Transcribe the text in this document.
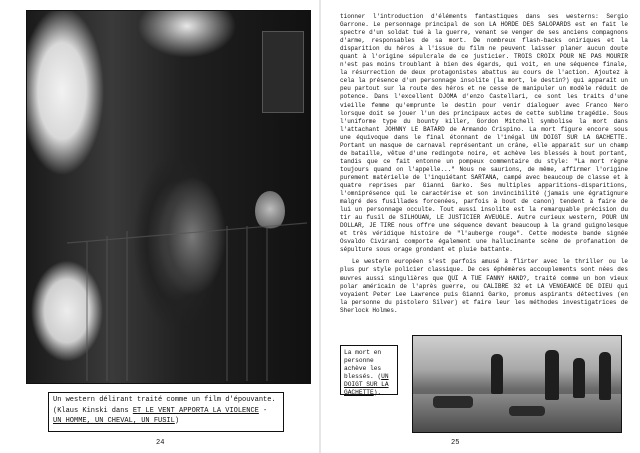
Un western délirant traité comme un film d'épouvante.
(Klaus Kinski dans ET LE VENT APPORTA LA VIOLENCE -
UN HOMME, UN CHEVAL, UN FUSIL)
24

tionner l'introduction d'éléments fantastiques dans ses westerns: Sergio Garrone. Le personnage principal de son LA HORDE DES SALOPARDS est en fait le spectre d'un soldat tué à la guerre, venant se venger de ses anciens compagnons d'arme, responsables de sa mort. De nombreux flash-backs oniriques et la disparition du héros à l'issue du film ne peuvent laisser planer aucun doute quant à l'origine sépulcrale de ce justicier. TROIS CROIX POUR NE PAS MOURIR n'est pas moins troublant à bien des égards, qui voit, en une séquence finale, la résurrection de deux protagonistes abattus au cours de l'action. Ajoutez à cela la présence d'un personnage insolite (la mort, le destin?) qui apparaît un peu partout sur la route des héros et ne cesse de manipuler un modèle réduit de potence. Dans l'excellent DJOMA d'enzo Castellari, ce sont les traits d'une vieille femme qu'emprunte le destin pour venir dialoguer avec Franco Nero lorsque doit se jouer l'un des principaux actes de cette sublime tragédie. Sous l'uniforme type du bounty killer, Gordon Mitchell symbolise la mort dans l'attachant JOHNNY LE BATARD de Armando Crispino. La mort figure encore sous une équivoque dans le final étonnant de l'inégal UN DOIGT SUR LA GACHETTE. Portant un masque de carnaval représentant un crâne, elle apparaît sur un champ de bataille, vêtue d'une redingote noire, et achève les blessés à bout portant, tandis que ce fait entonne un pompeux commentaire du style: "La mort règne toujours quand on l'appelle..." Nous ne saurions, de même, affirmer l'origine purement matérielle de l'inquiétant SARTANA, campé avec beaucoup de classe et à quatre reprises par Gianni Garko. Ses multiples apparitions-disparitions, l'omniprésence qui le caractérise et son invincibilité (jamais une égratignure malgré des fusillades forcenées, parfois à bout de canon) tendent à faire de lui un personnage occulte. Tout aussi insolite est la remarquable précision du tir au fusil de SILHOUAN, LE JUSTICIER AVEUGLE. Autre curieux western, POUR UN DOLLAR, JE TIRE nous offre une séquence devant beaucoup à la grand guignolesque et très véridique histoire de "l'auberge rouge". Cette modeste bande signée Osvaldo Civirani comporte également une hallucinante scène de profanation de sépulture sous orage grondant et pluie battante.

Le western européen s'est parfois amusé à flirter avec le thriller ou le plus pur style policier classique. De ces éphémères accouplements sont nées des œuvres aussi singulières que QUI A TUE FANNY HAND?, traité comme un bon vieux polar américain de l'après guerre, ou CALIBRE 32 et LA VENGEANCE DE DIEU qui voyaient Peter Lee Lawrence puis Gianni Garko, promus aspirants détectives (en la personne du pistolero Silver) et faire leur les méthodes investigatrices de Sherlock Holmes.

La mort en personne achève les blessés. (UN DOIGT SUR LA GACHETTE).
25
